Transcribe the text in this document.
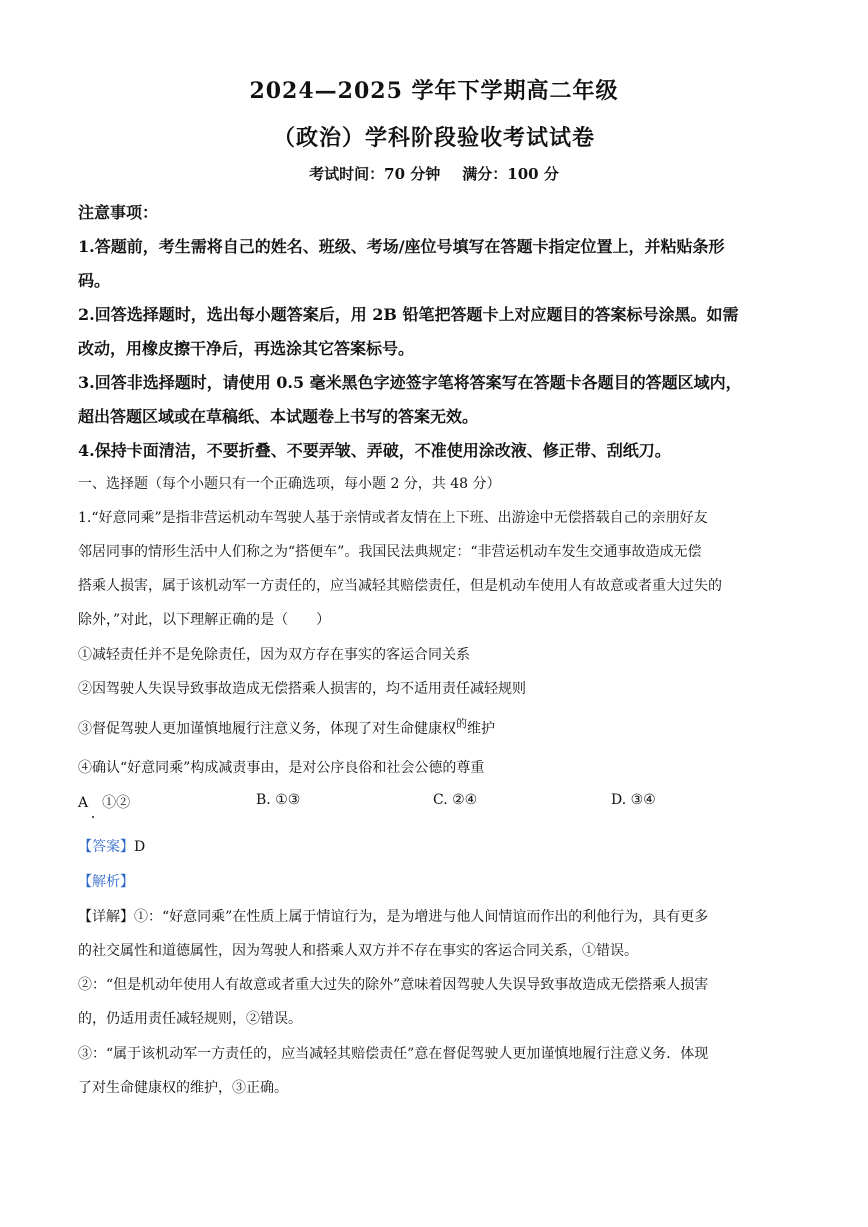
2024—2025 学年下学期高二年级
（政治）学科阶段验收考试试卷
考试时间：70 分钟 满分：100 分
注意事项：
1.答题前，考生需将自己的姓名、班级、考场/座位号填写在答题卡指定位置上，并粘贴条形
码。
2.回答选择题时，选出每小题答案后，用 2B 铅笔把答题卡上对应题目的答案标号涂黑。如需
改动，用橡皮擦干净后，再选涂其它答案标号。
3.回答非选择题时，请使用 0.5 毫米黑色字迹签字笔将答案写在答题卡各题目的答题区域内，
超出答题区域或在草稿纸、本试题卷上书写的答案无效。
4.保持卡面清洁，不要折叠、不要弄皱、弄破，不准使用涂改液、修正带、刮纸刀。
一、选择题（每个小题只有一个正确选项，每小题 2 分，共 48 分）
1.“好意同乘”是指非营运机动车驾驶人基于亲情或者友情在上下班、出游途中无偿搭载自己的亲朋好友
邻居同事的情形生活中人们称之为“搭便车”。我国民法典规定：“非营运机动车发生交通事故造成无偿
搭乘人损害，属于该机动军一方责任的，应当减轻其赔偿责任，但是机动车使用人有故意或者重大过失的
除外，”对此，以下理解正确的是（　　）
①减轻责任并不是免除责任，因为双方存在事实的客运合同关系
②因驾驶人失误导致事故造成无偿搭乘人损害的，均不适用责任减轻规则
③督促驾驶人更加谨慎地履行注意义务，体现了对生命健康权$^的$维护
④确认“好意同乘”构成减责事由，是对公序良俗和社会公德的尊重
A　①②	B. ①③	C. ②④	D. ③④
【答案】D
【解析】
【详解】①：“好意同乘”在性质上属于情谊行为，是为增进与他人间情谊而作出的利他行为，具有更多
的社交属性和道德属性，因为驾驶人和搭乘人双方并不存在事实的客运合同关系，①错误。
②：“但是机动年使用人有故意或者重大过失的除外”意味着因驾驶人失误导致事故造成无偿搭乘人损害
的，仍适用责任减轻规则，②错误。
③：“属于该机动军一方责任的，应当减轻其赔偿责任”意在督促驾驶人更加谨慎地履行注意义务．体现
了对生命健康权的维护，③正确。
